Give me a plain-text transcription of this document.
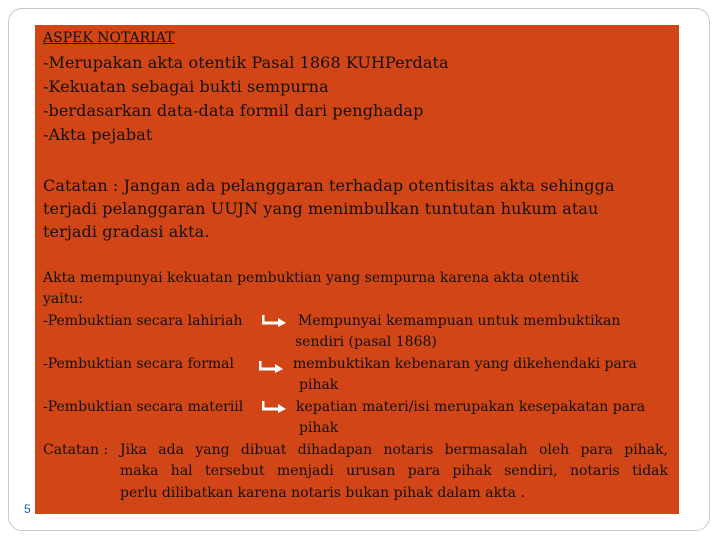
ASPEK NOTARIAT
-Merupakan akta otentik Pasal 1868 KUHPerdata
-Kekuatan sebagai bukti sempurna
-berdasarkan data-data formil dari penghadap
-Akta pejabat
Catatan : Jangan ada pelanggaran terhadap otentisitas akta sehingga
terjadi pelanggaran UUJN yang menimbulkan tuntutan hukum atau
terjadi gradasi akta.
Akta mempunyai kekuatan pembuktian yang sempurna karena akta otentik
yaitu:
-Pembuktian secara lahiriah	Mempunyai kemampuan untuk membuktikan
sendiri (pasal 1868)
-Pembuktian secara formal	membuktikan kebenaran yang dikehendaki para
pihak
-Pembuktian secara materiil	kepatian materi/isi merupakan kesepakatan para
pihak
Catatan : Jika ada yang dibuat dihadapan notaris bermasalah oleh para pihak,
maka hal tersebut menjadi urusan para pihak sendiri, notaris tidak
perlu dilibatkan karena notaris bukan pihak dalam akta .
5
